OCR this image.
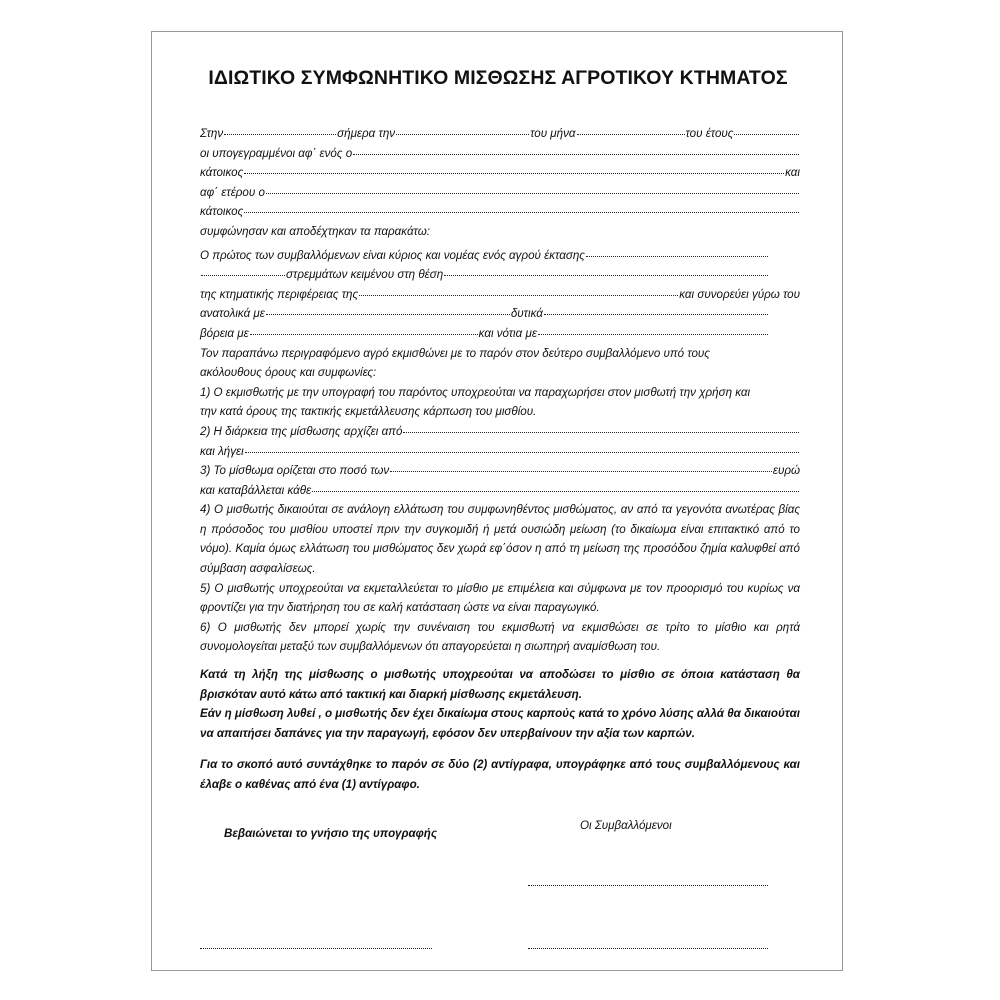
ΙΔΙΩΤΙΚΟ ΣΥΜΦΩΝΗΤΙΚΟ ΜΙΣΘΩΣΗΣ ΑΓΡΟΤΙΚΟΥ ΚΤΗΜΑΤΟΣ
Στην	σήμερα την	του μήνα	του έτους
οι υπογεγραμμένοι αφ΄ ενός ο
κάτοικος	και
αφ΄ ετέρου ο
κάτοικος
συμφώνησαν και αποδέχτηκαν τα παρακάτω:
Ο πρώτος των συμβαλλόμενων είναι κύριος και νομέας ενός αγρού έκτασης
στρεμμάτων κειμένου στη θέση
της κτηματικής περιφέρειας της	και συνορεύει γύρω του
ανατολικά με	δυτικά
βόρεια με	και νότια με
Τον παραπάνω περιγραφόμενο αγρό εκμισθώνει με το παρόν στον δεύτερο συμβαλλόμενο υπό τους
ακόλουθους όρους και συμφωνίες:
1) Ο εκμισθωτής με την υπογραφή του παρόντος υποχρεούται να παραχωρήσει στον μισθωτή την χρήση και
την κατά όρους της τακτικής εκμετάλλευσης κάρπωση του μισθίου.
2) Η διάρκεια της μίσθωσης αρχίζει από
και λήγει
3) Το μίσθωμα ορίζεται στο ποσό των	ευρώ
και καταβάλλεται κάθε
4) Ο μισθωτής δικαιούται σε ανάλογη ελλάτωση του συμφωνηθέντος μισθώματος, αν από τα γεγονότα ανωτέρας βίας η πρόσοδος του μισθίου υποστεί πριν την συγκομιδή ή μετά ουσιώδη μείωση (το δικαίωμα είναι επιτακτικό από το νόμο). Καμία όμως ελλάτωση του μισθώματος δεν χωρά εφ΄όσον η από τη μείωση της προσόδου ζημία καλυφθεί από σύμβαση ασφαλίσεως.
5) Ο μισθωτής υποχρεούται να εκμεταλλεύεται το μίσθιο με επιμέλεια και σύμφωνα με τον προορισμό του κυρίως να φροντίζει για την διατήρηση του σε καλή κατάσταση ώστε να είναι παραγωγικό.
6) Ο μισθωτής δεν μπορεί χωρίς την συνέναιση του εκμισθωτή να εκμισθώσει σε τρίτο το μίσθιο και ρητά συνομολογείται μεταξύ των συμβαλλόμενων ότι απαγορεύεται η σιωπηρή αναμίσθωση του.
Κατά τη λήξη της μίσθωσης ο μισθωτής υποχρεούται να αποδώσει το μίσθιο σε όποια κατάσταση θα βρισκόταν αυτό κάτω από τακτική και διαρκή μίσθωσης εκμετάλευση.
Εάν η μίσθωση λυθεί , ο μισθωτής δεν έχει δικαίωμα στους καρπούς κατά το χρόνο λύσης αλλά θα δικαιούται να απαιτήσει δαπάνες για την παραγωγή, εφόσον δεν υπερβαίνουν την αξία των καρπών.
Για το σκοπό αυτό συντάχθηκε το παρόν σε δύο (2) αντίγραφα, υπογράφηκε από τους συμβαλλόμενους και έλαβε ο καθένας από ένα (1) αντίγραφο.
Βεβαιώνεται το γνήσιο της υπογραφής
Οι Συμβαλλόμενοι
